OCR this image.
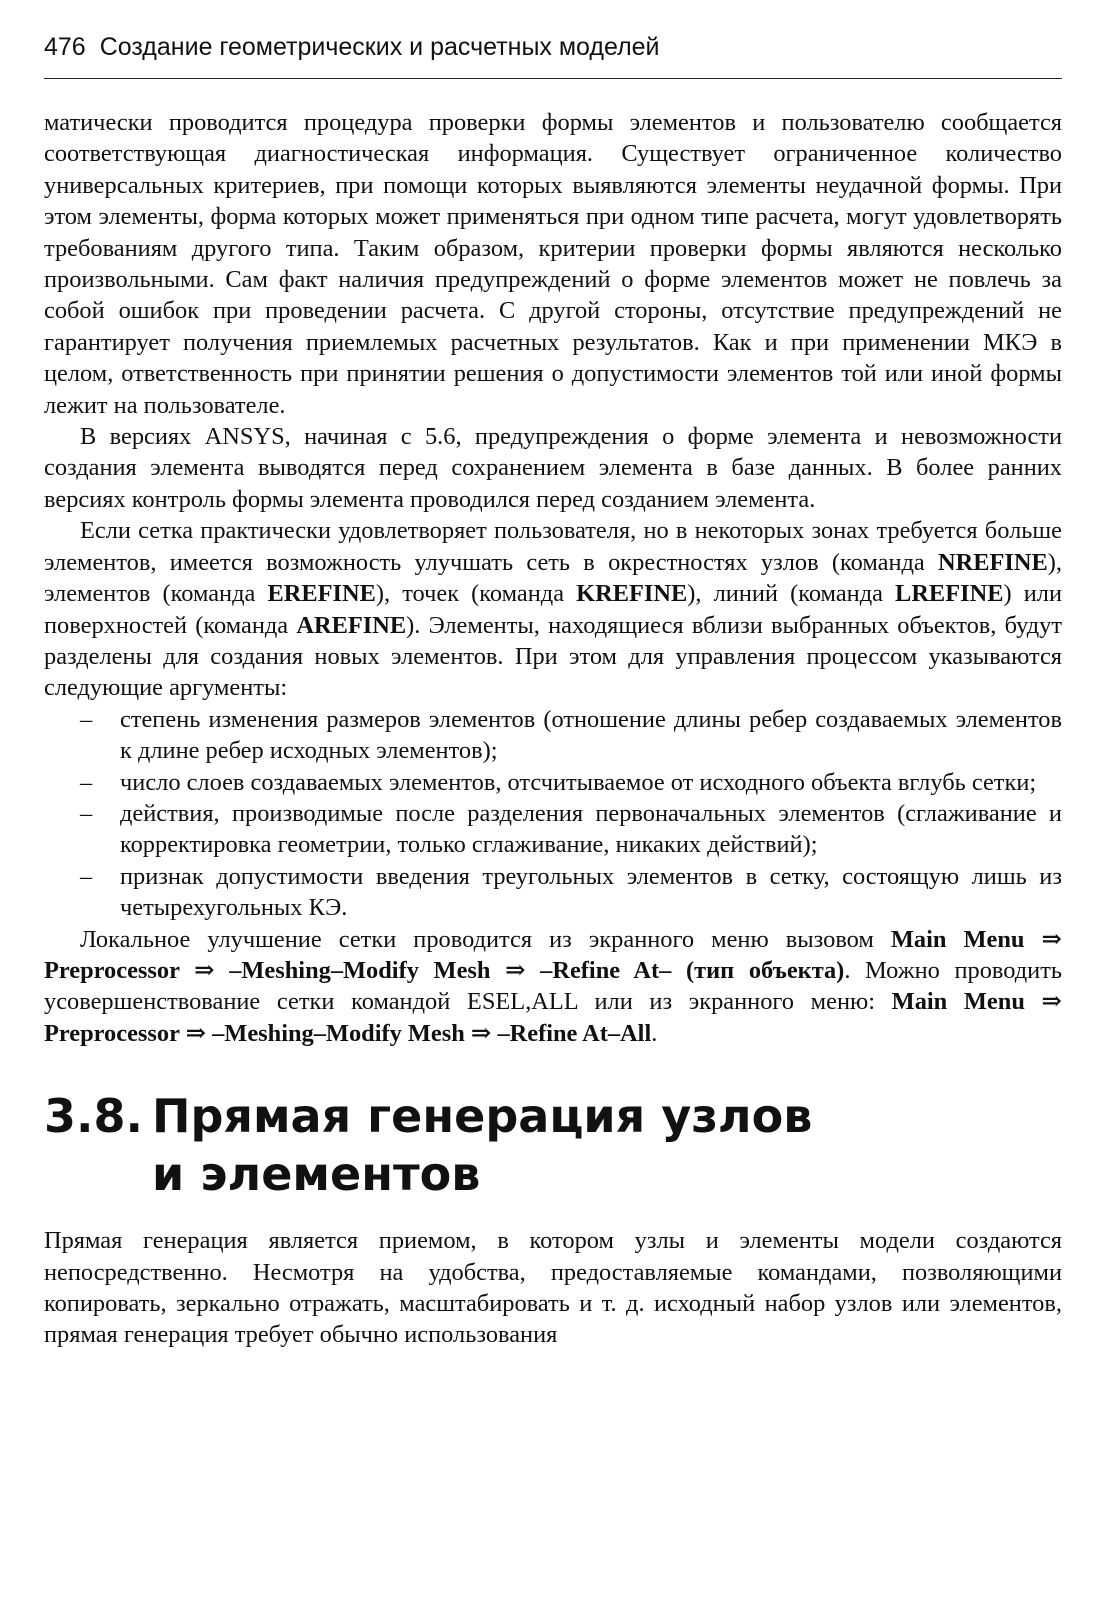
476 Создание геометрических и расчетных моделей

матически проводится процедура проверки формы элементов и пользователю сообщается соответствующая диагностическая информация. Существует ограниченное количество универсальных критериев, при помощи которых выявляются элементы неудачной формы. При этом элементы, форма которых может применяться при одном типе расчета, могут удовлетворять требованиям другого типа. Таким образом, критерии проверки формы являются несколько произвольными. Сам факт наличия предупреждений о форме элементов может не повлечь за собой ошибок при проведении расчета. С другой стороны, отсутствие предупреждений не гарантирует получения приемлемых расчетных результатов. Как и при применении МКЭ в целом, ответственность при принятии решения о допустимости элементов той или иной формы лежит на пользователе.

В версиях ANSYS, начиная с 5.6, предупреждения о форме элемента и невозможности создания элемента выводятся перед сохранением элемента в базе данных. В более ранних версиях контроль формы элемента проводился перед созданием элемента.

Если сетка практически удовлетворяет пользователя, но в некоторых зонах требуется больше элементов, имеется возможность улучшать сеть в окрестностях узлов (команда NREFINE), элементов (команда EREFINE), точек (команда KREFINE), линий (команда LREFINE) или поверхностей (команда AREFINE). Элементы, находящиеся вблизи выбранных объектов, будут разделены для создания новых элементов. При этом для управления процессом указываются следующие аргументы:

– степень изменения размеров элементов (отношение длины ребер создаваемых элементов к длине ребер исходных элементов);
– число слоев создаваемых элементов, отсчитываемое от исходного объекта вглубь сетки;
– действия, производимые после разделения первоначальных элементов (сглаживание и корректировка геометрии, только сглаживание, никаких действий);
– признак допустимости введения треугольных элементов в сетку, состоящую лишь из четырехугольных КЭ.

Локальное улучшение сетки проводится из экранного меню вызовом Main Menu ⇒ Preprocessor ⇒ –Meshing–Modify Mesh ⇒ –Refine At– (тип объекта). Можно проводить усовершенствование сетки командой ESEL,ALL или из экранного меню: Main Menu ⇒ Preprocessor ⇒ –Meshing–Modify Mesh ⇒ –Refine At–All.

3.8. Прямая генерация узлов
и элементов

Прямая генерация является приемом, в котором узлы и элементы модели создаются непосредственно. Несмотря на удобства, предоставляемые командами, позволяющими копировать, зеркально отражать, масштабировать и т. д. исходный набор узлов или элементов, прямая генерация требует обычно использования
